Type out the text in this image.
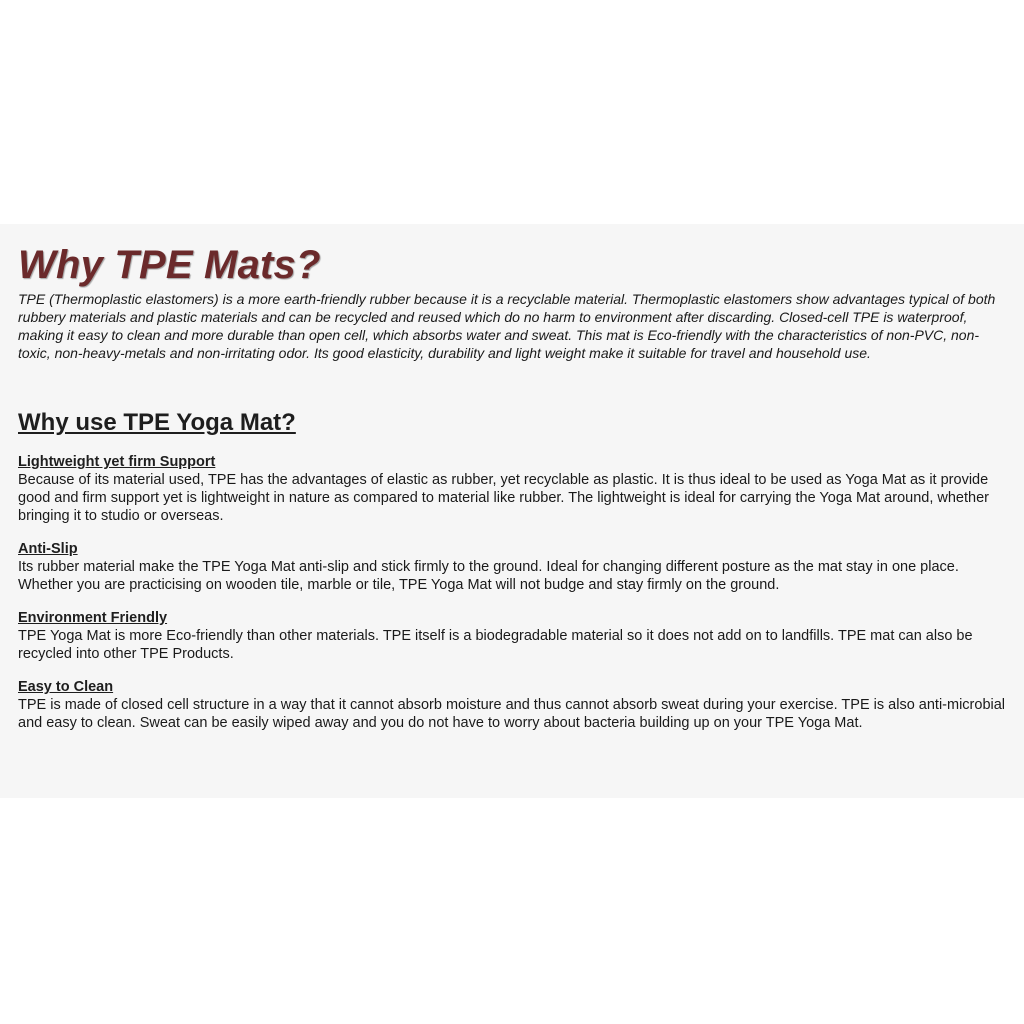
Why TPE Mats?

TPE (Thermoplastic elastomers) is a more earth-friendly rubber because it is a recyclable material. Thermoplastic elastomers show advantages typical of both rubbery materials and plastic materials and can be recycled and reused which do no harm to environment after discarding. Closed-cell TPE is waterproof, making it easy to clean and more durable than open cell, which absorbs water and sweat. This mat is Eco-friendly with the characteristics of non-PVC, non-toxic, non-heavy-metals and non-irritating odor. Its good elasticity, durability and light weight make it suitable for travel and household use.

Why use TPE Yoga Mat?
Lightweight yet firm Support

Because of its material used, TPE has the advantages of elastic as rubber, yet recyclable as plastic. It is thus ideal to be used as Yoga Mat as it provide good and firm support yet is lightweight in nature as compared to material like rubber. The lightweight is ideal for carrying the Yoga Mat around, whether bringing it to studio or overseas.

Anti-Slip

Its rubber material make the TPE Yoga Mat anti-slip and stick firmly to the ground. Ideal for changing different posture as the mat stay in one place. Whether you are practicising on wooden tile, marble or tile, TPE Yoga Mat will not budge and stay firmly on the ground.

Environment Friendly

TPE Yoga Mat is more Eco-friendly than other materials. TPE itself is a biodegradable material so it does not add on to landfills. TPE mat can also be recycled into other TPE Products.

Easy to Clean

TPE is made of closed cell structure in a way that it cannot absorb moisture and thus cannot absorb sweat during your exercise. TPE is also anti-microbial and easy to clean. Sweat can be easily wiped away and you do not have to worry about bacteria building up on your TPE Yoga Mat.
